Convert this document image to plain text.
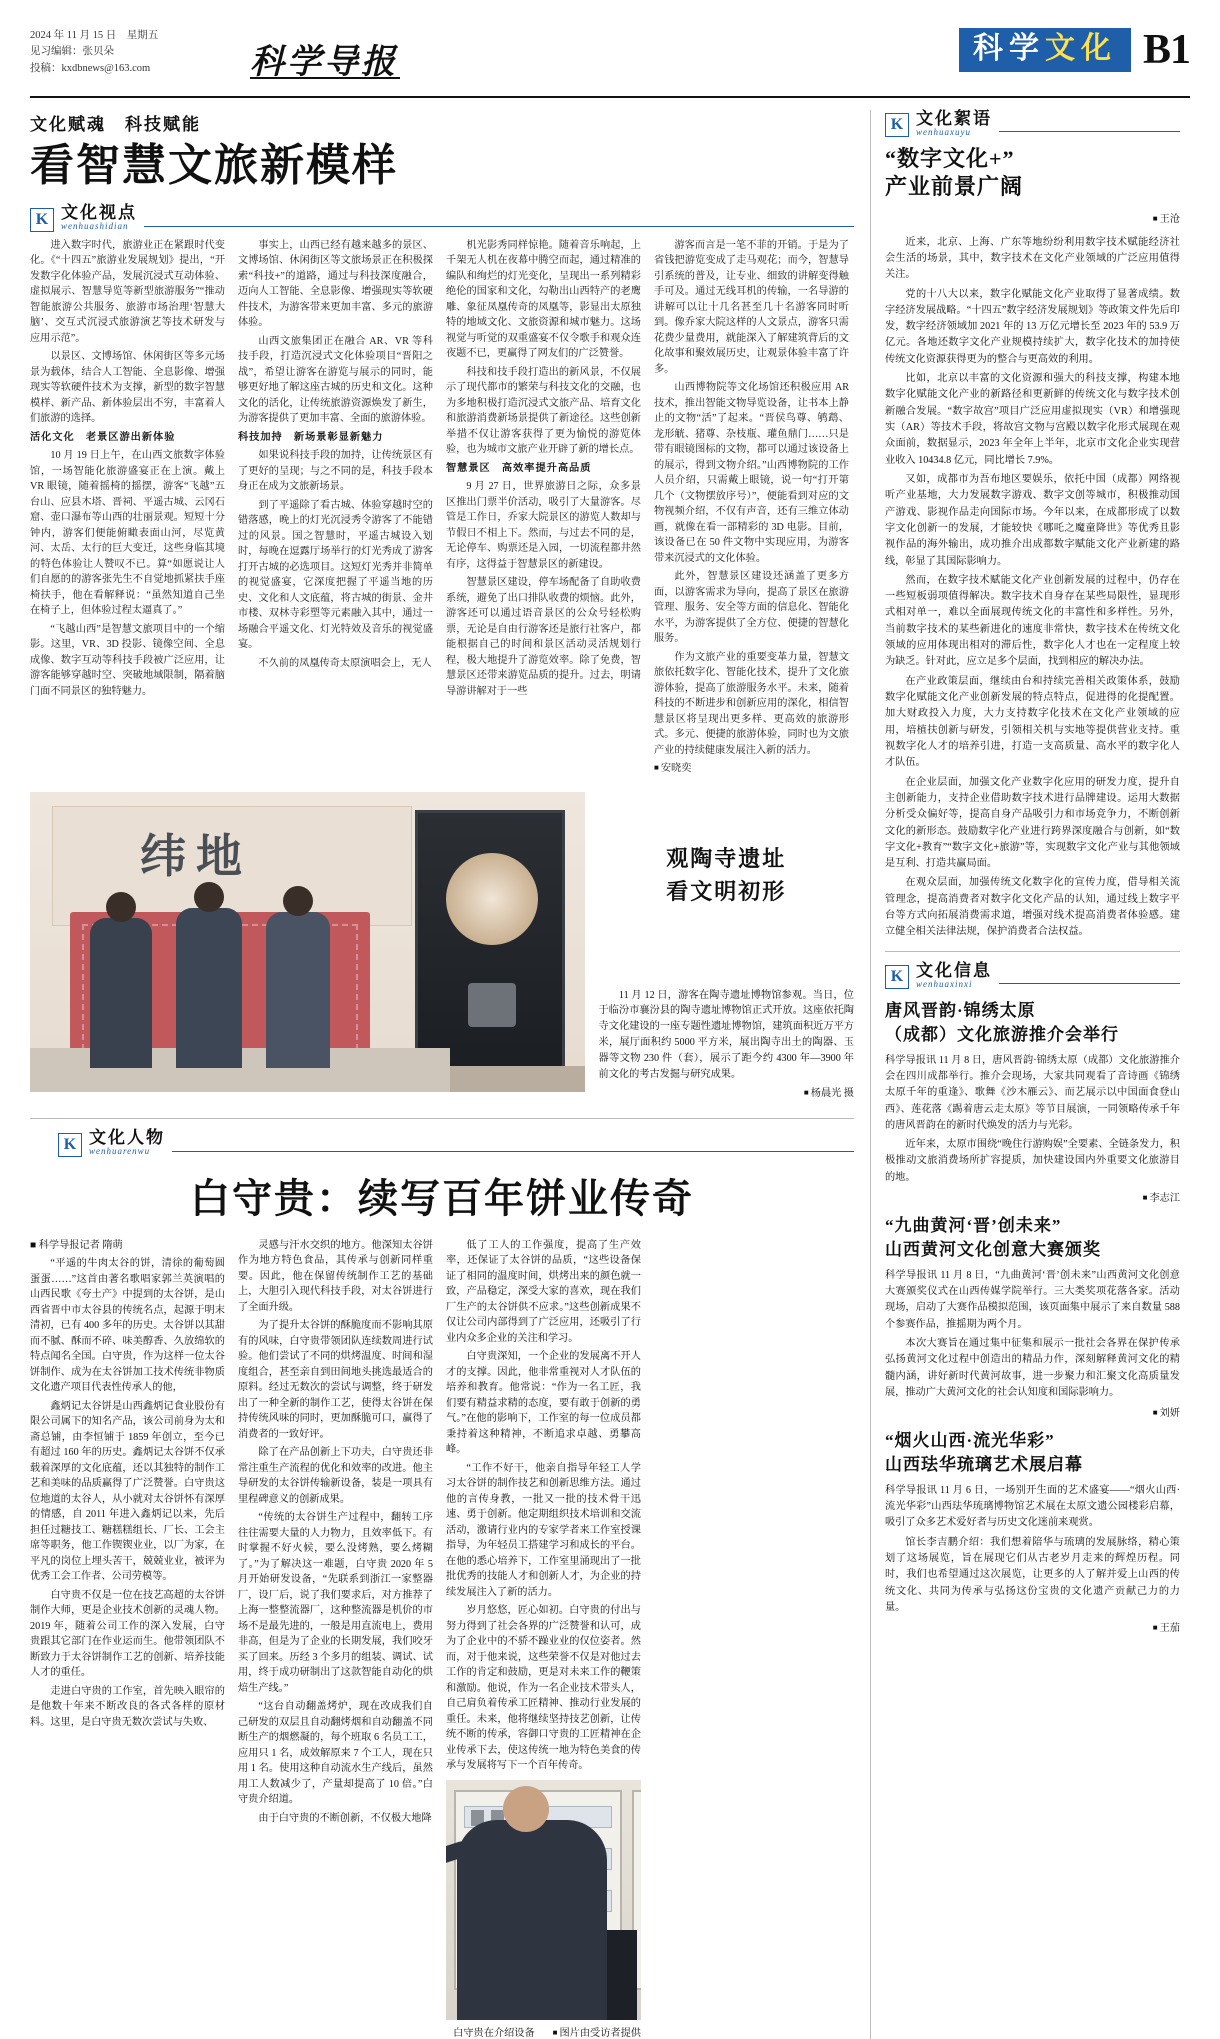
2024 年 11 月 15 日　星期五
见习编辑：张贝朵
投稿：kxdbnews@163.com	科学导报	科学文化 B1
文化赋魂　科技赋能
看智慧文旅新模样
K 文化视点
wenhuashidian

进入数字时代，旅游业正在紧跟时代变化。《“十四五”旅游业发展规划》提出，“开发数字化体验产品，发展沉浸式互动体验、虚拟展示、智慧导览等新型旅游服务”“推动智能旅游公共服务、旅游市场治理‘智慧大脑’、交互式沉浸式旅游演艺等技术研发与应用示范”。

以景区、文博场馆、休闲街区等多元场景为载体，结合人工智能、全息影像、增强现实等软硬件技术为支撑，新型的数字智慧模样、新产品、新体验层出不穷，丰富着人们旅游的选择。

活化文化　老景区游出新体验

10 月 19 日上午，在山西文旅数字体验馆，一场智能化旅游盛宴正在上演。戴上 VR 眼镜，随着摇椅的摇摆，游客“飞越”五台山、应县木塔、晋祠、平遥古城、云冈石窟、壶口瀑布等山西的壮丽景观。短短十分钟内，游客们便能俯瞰表面山河，尽览黄河、太岳、太行的巨大变迁，这些身临其境的特色体验让人赞叹不已。算“如愿说让人们自愿的的游客张先生不自觉地抓紧扶手座椅扶手，他在看解释说：“虽然知道自己坐在椅子上，但体验过程太逼真了。”

“飞越山西”是智慧文旅项目中的一个缩影。这里，VR、3D 投影、镜像空间、全息成像、数字互动等科技手段被广泛应用，让游客能够穿越时空、突破地域限制，隔着脑门面不同景区的独特魅力。

事实上，山西已经有越来越多的景区、文博场馆、休闲街区等文旅场景正在积极探索“科技+”的道路，通过与科技深度融合，迈向人工智能、全息影像、增强现实等软硬件技术，为游客带来更加丰富、多元的旅游体验。

山西文旅集团正在融合 AR、VR 等科技手段，打造沉浸式文化体验项目“晋阳之战”，希望让游客在游览与展示的同时，能够更好地了解这座古城的历史和文化。这种文化的活化，让传统旅游资源焕发了新生，为游客提供了更加丰富、全面的旅游体验。

科技加持　新场景彰显新魅力

如果说科技手段的加持，让传统景区有了更好的呈现；与之不同的是，科技手段本身正在成为文旅新场景。

到了平遥除了看古城、体验穿越时空的错落感，晚上的灯光沉浸秀令游客了不能错过的风景。国之智慧时，平遥古城设入划时，每晚在逗露厅场举行的灯光秀成了游客打开古城的必选项目。这短灯光秀并非简单的视觉盛宴，它深度把握了平遥当地的历史、文化和人文底蕴，将古城的街景、金井市楼、双林寺彩塑等元素融入其中，通过一场融合平遥文化、灯光特效及音乐的视觉盛宴。

不久前的凤凰传奇太原演唱会上，无人

机光影秀同样惊艳。随着音乐响起，上千架无人机在夜幕中腾空而起，通过精准的编队和绚烂的灯光变化，呈现出一系列精彩绝伦的国家和文化，勾勒出山西特产的老鹰雕、象征凤凰传奇的凤凰等，影显出太原独特的地域文化、文旅资源和城市魅力。这场视觉与听觉的双重盛宴不仅令歌手和观众连夜题不已，更赢得了网友们的广泛赞誉。

科技和技手段打造出的新风景，不仅展示了现代都市的繁荣与科技文化的交融，也为多地积极打造沉浸式文旅产品、培育文化和旅游消费新场景提供了新途径。这些创新举措不仅让游客获得了更为愉悦的游览体验，也为城市文旅产业开辟了新的增长点。

智慧景区　高效率提升高品质

9 月 27 日，世界旅游日之际，众多景区推出门票半价活动，吸引了大量游客。尽管是工作日，乔家大院景区的游览人数却与节假日不相上下。然而，与过去不同的是，无论停车、购票还是入园，一切流程都井然有序，这得益于智慧景区的新建设。

智慧景区建设，停车场配备了自助收费系统，避免了出口排队收费的烦恼。此外，游客还可以通过语音景区的公众号轻松购票，无论是自由行游客还是旅行社客户，都能根据自己的时间和景区活动灵活规划行程，极大地提升了游览效率。除了免费，智慧景区还带来游览品质的提升。过去，明请导游讲解对于一些

游客而言是一笔不菲的开销。于是为了省钱把游览变成了走马观花；而今，智慧导引系统的普及，让专业、细致的讲解变得触手可及。通过无线耳机的传输，一名导游的讲解可以让十几名甚至几十名游客同时听到。像乔家大院这样的人文景点，游客只需花费少量费用，就能深入了解建筑背后的文化故事和聚效展历史，让观景体验丰富了许多。

山西博物院等文化场馆还积极应用 AR 技术，推出智能文物导览设备，让书本上静止的文物“活”了起来。“晋侯鸟尊、鸲鹉、龙形觥、猪尊、杂枝瓶、瓘鱼鼎门……只是带有眼镜图标的文物，都可以通过该设备上的展示，得到文物介绍。”山西博物院的工作人员介绍，只需戴上眼镜，说一句“打开第几个（文物摆放序号）”，便能看到对应的文物视频介绍，不仅有声音，还有三维立体动画，就像在看一部精彩的 3D 电影。目前，该设备已在 50 件文物中实现应用，为游客带来沉浸式的文化体验。

此外，智慧景区建设还涵盖了更多方面，以游客需求为导向，提高了景区在旅游管理、服务、安全等方面的信息化、智能化水平，为游客提供了全方位、便捷的智慧化服务。

作为文旅产业的重要变革力量，智慧文旅依托数字化、智能化技术，提升了文化旅游体验，提高了旅游服务水平。未来，随着科技的不断进步和创新应用的深化，相信智慧景区将呈现出更多样、更高效的旅游形式。多元、便捷的旅游体验，同时也为文旅产业的持续健康发展注入新的活力。

■ 安晓奕

纬地	观陶寺遗址
看文明初形

11 月 12 日，游客在陶寺遗址博物馆参观。当日，位于临汾市襄汾县的陶寺遗址博物馆正式开放。这座依托陶寺文化建设的一座专题性遗址博物馆，建筑面积近万平方米，展厅面积约 5000 平方米，展出陶寺出土的陶器、玉器等文物 230 件（套），展示了距今约 4300 年—3900 年前文化的考古发掘与研究成果。

■ 杨晨光 摄

K 文化人物
wenhuarenwu
白守贵：续写百年饼业传奇

■ 科学导报记者 隋萌

“平遥的牛肉太谷的饼，清徐的葡萄圆蛋蛋……”这首由著名歌唱家郭兰英演唱的山西民歌《夸土产》中提到的太谷饼，是山西省晋中市太谷县的传统名点，起源于明末清初，已有 400 多年的历史。太谷饼以其甜而不腻、酥而不碎、味美醇香、久放绵软的特点闻名全国。白守贵，作为这样一位太谷饼制作、成为在太谷饼加工技术传统非物质文化遗产项目代表性传承人的他，

鑫炳记太谷饼是山西鑫炳记食业股份有限公司属下的知名产品，该公司前身为太和斋总铺，由李恒铺于 1859 年创立，至今已有超过 160 年的历史。鑫炳记太谷饼不仅承载着深厚的文化底蕴，还以其独特的制作工艺和美味的品质赢得了广泛赞誉。白守贵这位地道的太谷人，从小就对太谷饼怀有深厚的情感，自 2011 年进入鑫炳记以来，先后担任过糖技工、糖糕糕组长、厂长、工会主席等职务，他工作锲锲业业，以厂为家，在平凡的岗位上埋头苦干，兢兢业业，被评为优秀工会工作者、公司劳模等。

白守贵不仅是一位在技艺高超的太谷饼制作大师，更是企业技术创新的灵魂人物。2019 年，随着公司工作的深入发展，白守贵跟其它部门在作业运而生。他带领团队不断致力于太谷饼制作工艺的创新、培养技能人才的重任。

走进白守贵的工作室，首先映入眼帘的是他数十年来不断改良的各式各样的原材料。这里，是白守贵无数次尝试与失败、

灵感与汗水交织的地方。他深知太谷饼作为地方特色食品，其传承与创新同样重要。因此，他在保留传统制作工艺的基础上，大胆引入现代科技手段，对太谷饼进行了全面升级。

为了提升太谷饼的酥脆度而不影响其原有的风味，白守贵带领团队连续数周进行试验。他们尝试了不同的烘烤温度、时间和湿度组合，甚至亲自到田间地头挑选最适合的原料。经过无数次的尝试与调整，终于研发出了一种全新的制作工艺，使得太谷饼在保持传统风味的同时，更加酥脆可口，赢得了消费者的一致好评。

除了在产品创新上下功夫，白守贵还非常注重生产流程的优化和效率的改进。他主导研发的太谷饼传输新设备，装是一项具有里程碑意义的创新成果。

“传统的太谷饼生产过程中，翻转工序往往需要大量的人力物力，且效率低下。有时掌握不好火候，要么没烤熟，要么烤糊了。”为了解决这一难题，白守贵 2020 年 5 月开始研发设备，“先联系到浙江一家整器厂，设厂后，说了我们要求后，对方推荐了上海一整整流器厂，这种整流器是机价的市场不是最先进的，一般是用直流电上，费用非高，但是为了企业的长期发展，我们咬牙买了回来。历经 3 个多月的组装、调试、试用，终于成功研制出了这款智能自动化的烘焙生产线。”

“这台自动翻盖烤炉，现在改成我们自己研发的双层且自动翻烤烟和自动翻盖不同断生产的烟燃凝的，每个班取 6 名员工工，应用只 1 名，成效解原来 7 个工人，现在只用 1 名。使用这种自动流水生产线后，虽然用工人数减少了，产量却提高了 10 倍。”白守贵介绍道。

由于白守贵的不断创新，不仅极大地降

低了工人的工作强度，提高了生产效率，还保证了太谷饼的品质，“这些设备保证了相同的温度时间，烘烤出来的颜色就一致，产品稳定，深受大家的喜欢，现在我们厂生产的太谷饼供不应求。”这些创新成果不仅让公司内部得到了广泛应用，还吸引了行业内众多企业的关注和学习。

白守贵深知，一个企业的发展离不开人才的支撑。因此，他非常重视对人才队伍的培养和教育。他常说：“作为一名工匠，我们要有精益求精的态度，要有敢于创新的勇气。”在他的影响下，工作室的每一位成员都秉持着这种精神，不断追求卓越、勇攀高峰。

“工作不好干，他亲自指导年轻工人学习太谷饼的制作技艺和创新思维方法。通过他的言传身教，一批又一批的技术骨干迅速、勇于创新。他定期组织技术培训和交流活动，激请行业内的专家学者来工作室授课指导，为年轻员工搭建学习和成长的平台。在他的悉心培养下，工作室里涌现出了一批批优秀的技能人才和创新人才，为企业的持续发展注入了新的活力。

岁月悠悠，匠心如初。白守贵的付出与努力得到了社会各界的广泛赞誉和认可，成为了企业中的不骄不躁业业的仅位姿者。然而，对于他来说，这些荣誉不仅是对他过去工作的肯定和鼓励，更是对未来工作的鞭策和激励。他说，作为一名企业技术带头人，自己肩负着传承工匠精神、推动行业发展的重任。未来，他将继续坚持技艺创新，让传统不断的传承，容御口守贵的工匠精神在企业传承下去，使这传统一地为特色美食的传承与发展将写下一个百年传奇。

白守贵在介绍设备 ■ 图片由受访者提供
K 文化絮语
wenhuaxuyu
“数字文化+”
产业前景广阔
■ 王沧

近来，北京、上海、广东等地纷纷利用数字技术赋能经济社会生活的场景，其中，数字技术在文化产业领域的广泛应用值得关注。

党的十八大以来，数字化赋能文化产业取得了显著成绩。数字经济发展战略。“十四五”数字经济发展规划》等政策文件先后印发，数字经济领域加 2021 年的 13 万亿元增长至 2023 年的 53.9 万亿元。各地还数字文化产业规模持续扩大，数字化技术的加持使传统文化资源获得更为的整合与更高效的利用。

比如，北京以丰富的文化资源和强大的科技支撑，构建本地数字化赋能文化产业的新路径和更新鲜的传统文化与数字技术创新融合发展。“数字故宫”项目广泛应用虚拟现实（VR）和增强现实（AR）等技术手段，将故宫文物与宫殿以数字化形式展现在观众面前，数据显示，2023 年全年上半年，北京市文化企业实现营业收入 10434.8 亿元，同比增长 7.9%。

又如，成都市为吾布地区要娱乐，依托中国（成都）网络视听产业基地，大力发展数字游戏、数字文创等城市，积极推动国产游戏、影视作品走向国际市场。今年以来，在成都形成了以数字文化创新一的发展，才能较快《哪吒之魔童降世》等优秀且影视作品的海外输出，成功推介出成都数字赋能文化产业新建的路线，彰显了其国际影响力。

然而，在数字技术赋能文化产业创新发展的过程中，仍存在一些短板弱项值得解决。数字技术自身存在某些局限性，显现形式相对单一，难以全面展现传统文化的丰富性和多样性。另外，当前数字技术的某些新进化的速度非常快，数字技术在传统文化领域的应用体现出相对的滞后性，数字化人才也在一定程度上较为缺乏。针对此，应立足多个层面，找到相应的解决办法。

在产业政策层面，继续由台和持续完善相关政策体系，鼓励数字化赋能文化产业创新发展的特点特点，促进得的化提配置。加大财政投入力度，大力支持数字化技术在文化产业领域的应用，培植扶创新与研发，引领相关机与实地等提供营业支持。重视数字化人才的培养引进，打造一支高质量、高水平的数字化人才队伍。

在企业层面，加强文化产业数字化应用的研发力度，提升自主创新能力，支持企业借助数字技术进行品牌建设。运用大数据分析受众偏好等，提高自身产品吸引力和市场竞争力，不断创新文化的新形态。鼓励数字化产业进行跨界深度融合与创新，如“数字文化+教育”“数字文化+旅游”等，实现数字文化产业与其他领域是互利、打造共赢局面。

在观众层面，加强传统文化数字化的宣传力度，借导相关流管理念，提高消费者对数字化文化产品的认知，通过线上数字平台等方式向拓展消费需求道，增强对线术提高消费者体验感。建立健全相关法律法规，保护消费者合法权益。

K 文化信息
wenhuaxinxi
唐风晋韵·锦绣太原
（成都）文化旅游推介会举行

科学导报讯 11 月 8 日，唐风晋韵·锦绣太原（成都）文化旅游推介会在四川成都举行。推介会现场，大家共同观看了音诗画《锦绣太原千年的重逢》、歌舞《沙木雁云》、而艺展示以中国面食登山西》、莲花落《踢着唐云走太原》等节目展演，一同领略传承千年的唐风晋韵在的新时代焕发的活力与光彩。

近年来，太原市围绕“晚住行游购娱”全要素、全链条发力，积极推动文旅消费场所扩容提质，加快建设国内外重要文化旅游目的地。

■ 李志江
“九曲黄河‘晋’创未来”
山西黄河文化创意大赛颁奖

科学导报讯 11 月 8 日，“九曲黄河‘晋’创未来”山西黄河文化创意大赛颁奖仪式在山西传媒学院举行。三大类奖项花落各家。活动现场，启动了大赛作品模拟范围，该页面集中展示了来自数量 588 个参赛作品，推摇期为两个月。

本次大赛旨在通过集中征集和展示一批社会各界在保护传承弘扬黄河文化过程中创造出的精品力作，深刻解释黄河文化的精髓内涵，讲好新时代黄河故事，进一步聚力和汇聚文化高质量发展，推动广大黄河文化的社会认知度和国际影响力。

■ 刘妍
“烟火山西·流光华彩”
山西珐华琉璃艺术展启幕

科学导报讯 11 月 6 日，一场别开生面的艺术盛宴——“烟火山西·流光华彩”山西珐华琉璃博物馆艺术展在太原文遗公园楼彩启幕，吸引了众多艺术爱好者与历史文化迷前来观赏。

馆长李吉鹏介绍：我们想着陪华与琉璃的发展脉络，精心策划了这场展览，旨在展现它们从古老岁月走来的辉煌历程。同时，我们也希望通过这次展览，让更多的人了解并爱上山西的传统文化、共同为传承与弘扬这份宝贵的文化遗产贡献己力的力量。

■ 王茄
